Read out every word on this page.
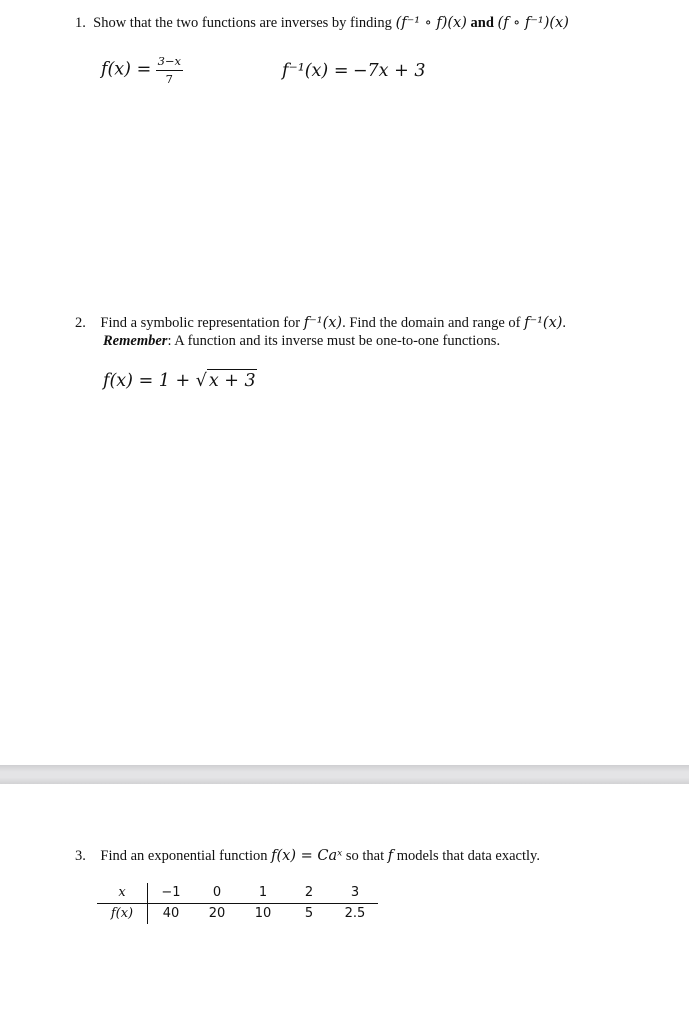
1. Show that the two functions are inverses by finding (f⁻¹ ∘ f)(x) and (f ∘ f⁻¹)(x)
$f(x) = \frac{3-x}{7}$	f⁻¹(x) = −7x + 3
2. Find a symbolic representation for f⁻¹(x). Find the domain and range of f⁻¹(x).
Remember: A function and its inverse must be one-to-one functions.
f(x) = 1 + √ x + 3
3. Find an exponential function f(x) = Caˣ so that f models that data exactly.
x	−1	0	1	2	3
f(x)	40	20	10	5	2.5
